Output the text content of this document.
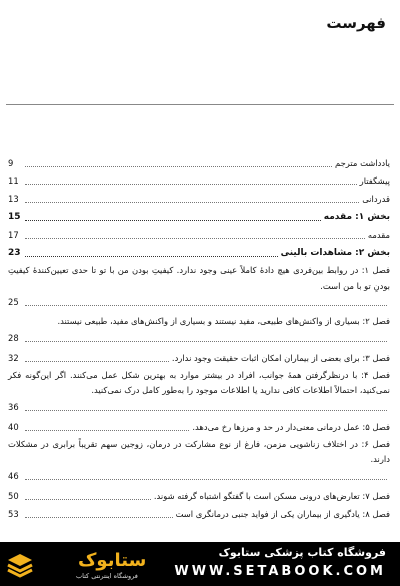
فهرست
یادداشت مترجم
9
پیشگفتار
11
قدردانی
13
بخش ۱: مقدمه
15
مقدمه
17
بخش ۲: مشاهدات بالینی
23
فصل ۱: در روابط بین‌فردی هیچ دادۀ کاملاً عینی وجود ندارد. کیفیتِ بودن من با تو تا حدی تعیین‌کنندۀ کیفیتِ بودنِ تو با من است.
25
فصل ۲: بسیاری از واکنش‌های طبیعی، مفید نیستند و بسیاری از واکنش‌های مفید، طبیعی نیستند.
28
فصل ۳: برای بعضی از بیماران امکان اثبات حقیقت وجود ندارد.
32
فصل ۴: با درنظرگرفتن همۀ جوانب، افراد در بیشتر موارد به بهترین شکل عمل می‌کنند. اگر این‌گونه فکر نمی‌کنید، احتمالاً اطلاعات کافی ندارید یا اطلاعات موجود را به‌طور کامل درک نمی‌کنید.
36
فصل ۵: عمل درمانی معنی‌دار در حد و مرزها رخ می‌دهد.
40
فصل ۶: در اختلاف زناشویی مزمن، فارغ از نوع مشارکت در درمان، زوجین سهم تقریباً برابری در مشکلات دارند.
46
فصل ۷: تعارض‌های درونی مسکن است با گفتگو اشتباه گرفته شوند.
50
فصل ۸: یادگیری از بیماران یکی از فواید جنبی درمانگری است
53
ستابوک
فروشگاه اینترنتی کتاب
فروشگاه کتاب پزشکی ستابوک
WWW.SETABOOK.COM
